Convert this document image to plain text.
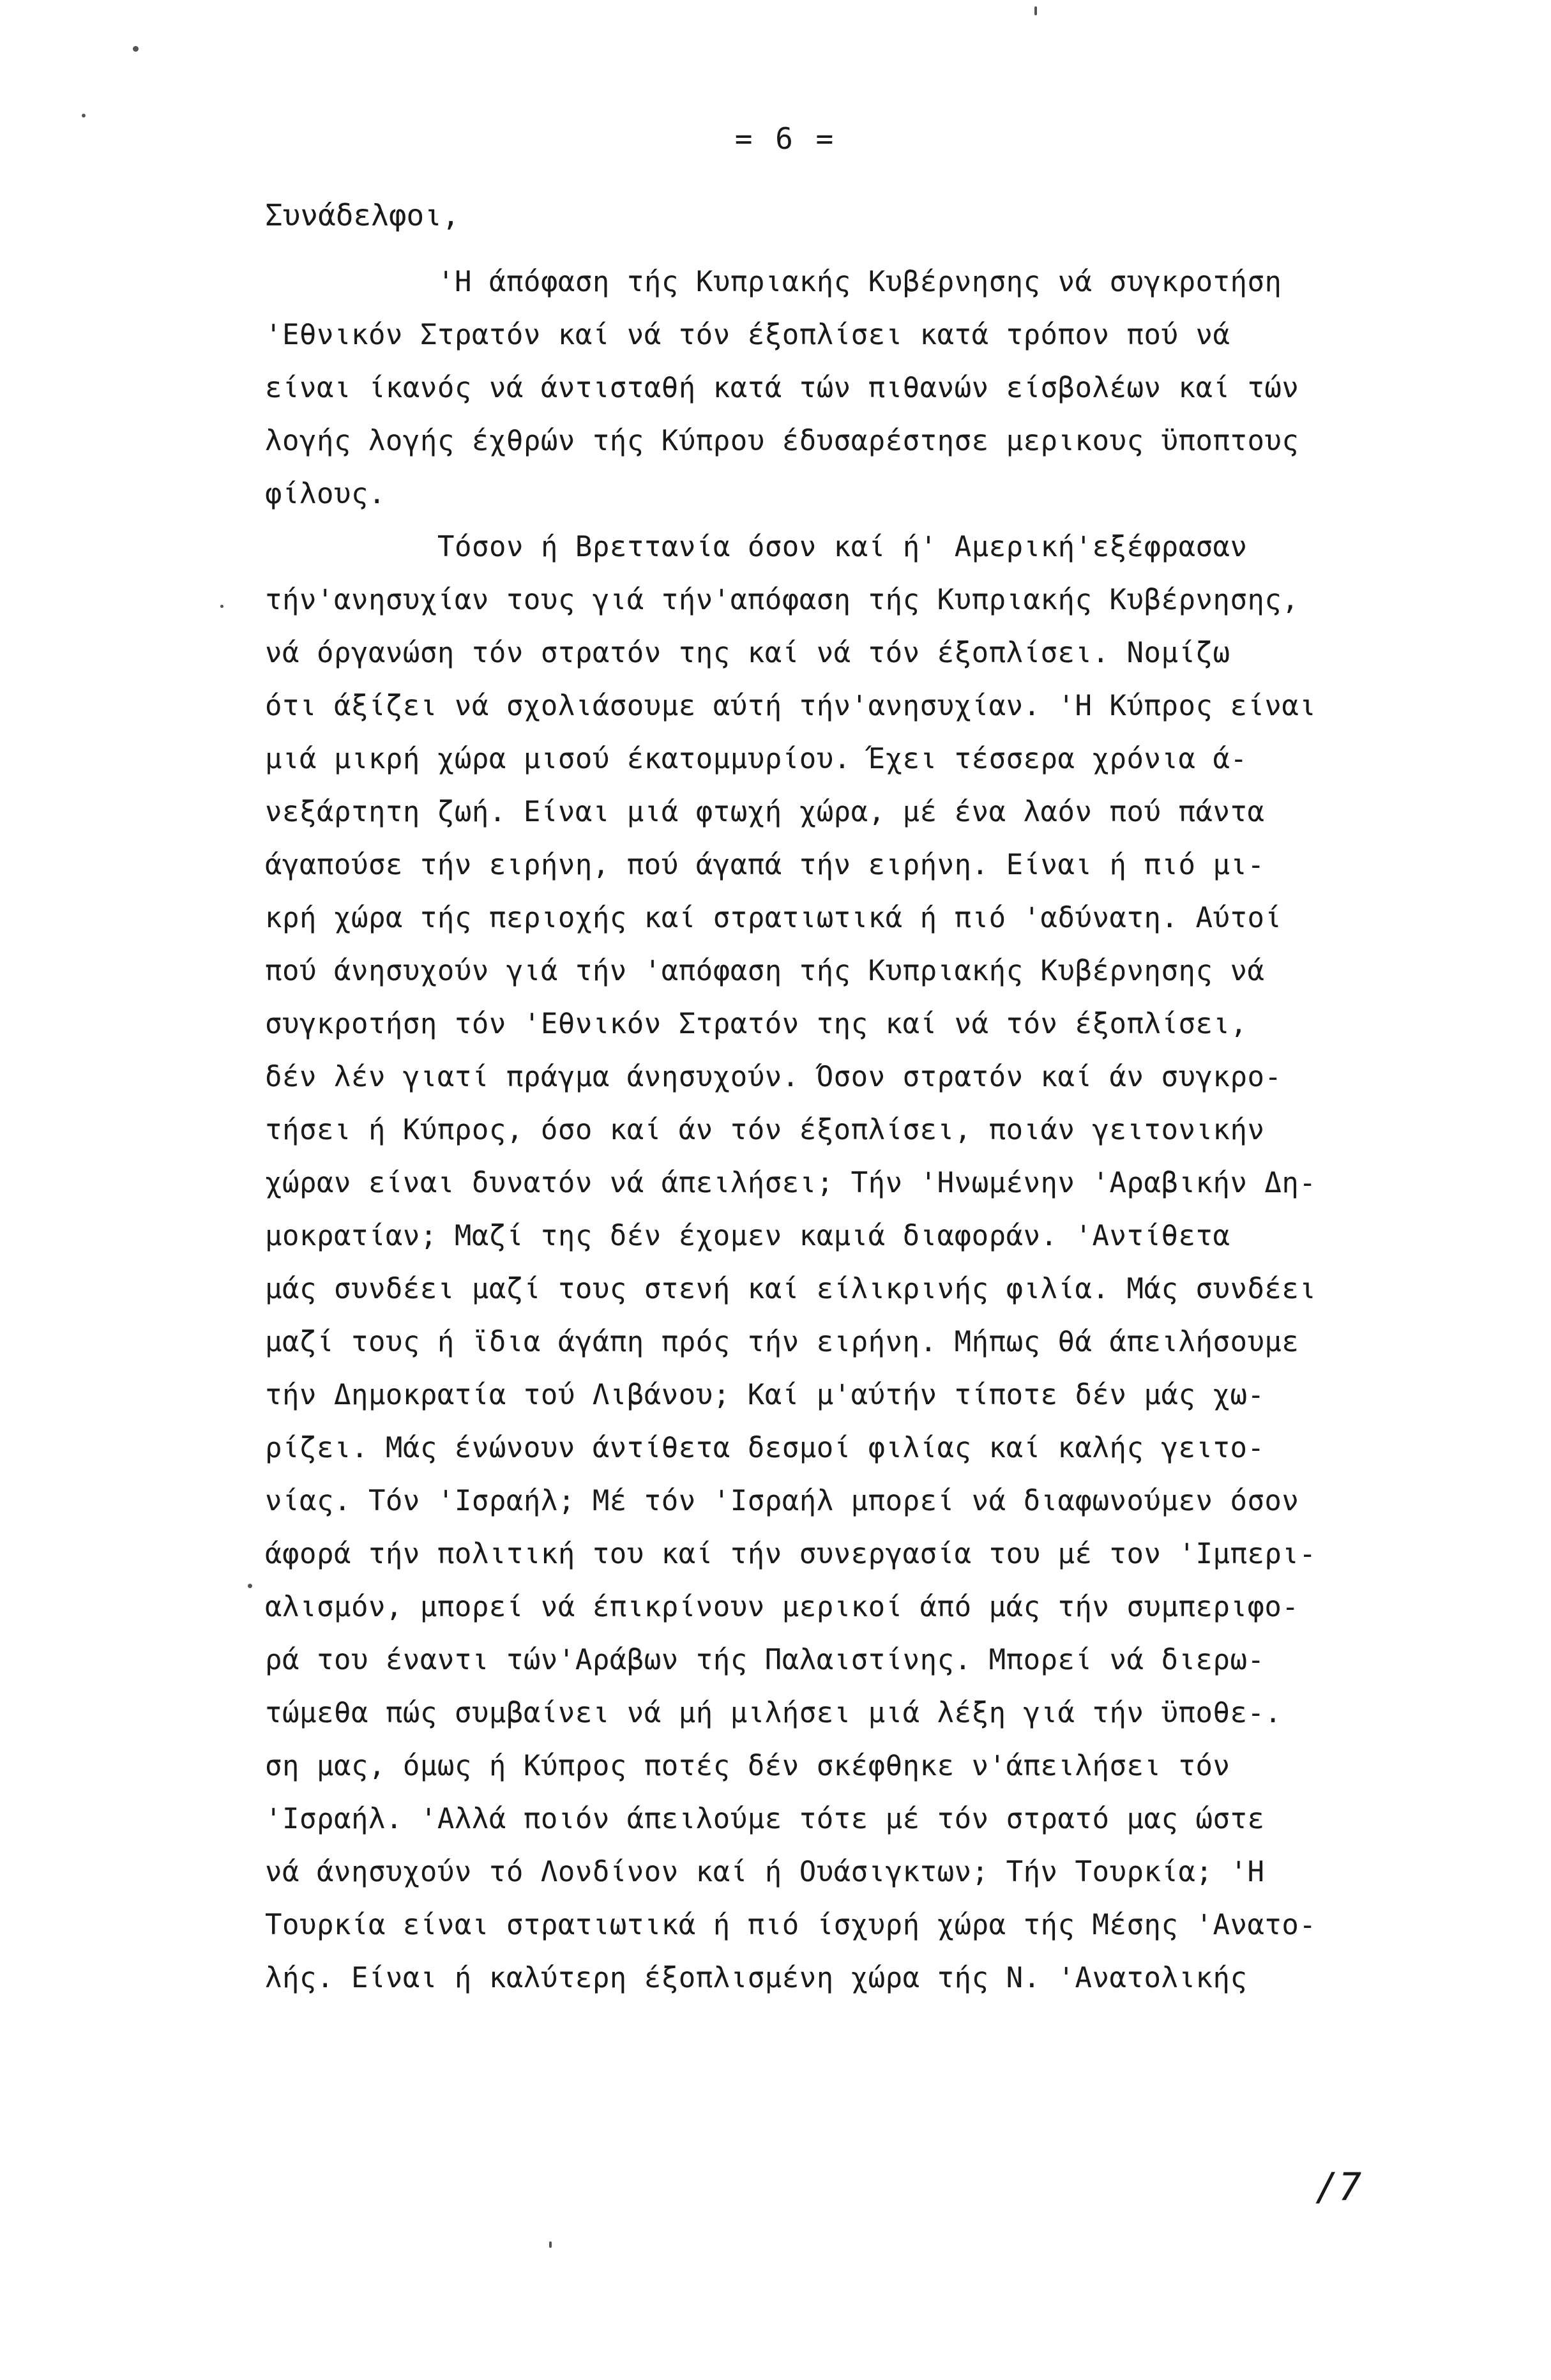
= 6 =
Συνάδελφοι,
'Η άπόφαση τής Κυπριακής Κυβέρνησης νά συγκροτήση
'Εθνικόν Στρατόν καί νά τόν έξοπλίσει κατά τρόπον πού νά
είναι ίκανός νά άντισταθή κατά τών πιθανών είσβολέων καί τών
λογής λογής έχθρών τής Κύπρου έδυσαρέστησε μερικους ϋποπτους
φίλους.
Τόσον ή Βρεττανία όσον καί ή' Αμερική'εξέφρασαν
τήν'ανησυχίαν τους γιά τήν'απόφαση τής Κυπριακής Κυβέρνησης,
νά όργανώση τόν στρατόν της καί νά τόν έξοπλίσει. Νομίζω
ότι άξίζει νά σχολιάσουμε αύτή τήν'ανησυχίαν. 'Η Κύπρος είναι
μιά μικρή χώρα μισού έκατομμυρίου. Έχει τέσσερα χρόνια ά-
νεξάρτητη ζωή. Είναι μιά φτωχή χώρα, μέ ένα λαόν πού πάντα
άγαπούσε τήν ειρήνη, πού άγαπά τήν ειρήνη. Είναι ή πιό μι-
κρή χώρα τής περιοχής καί στρατιωτικά ή πιό 'αδύνατη. Αύτοί
πού άνησυχούν γιά τήν 'απόφαση τής Κυπριακής Κυβέρνησης νά
συγκροτήση τόν 'Εθνικόν Στρατόν της καί νά τόν έξοπλίσει,
δέν λέν γιατί πράγμα άνησυχούν. Όσον στρατόν καί άν συγκρο-
τήσει ή Κύπρος, όσο καί άν τόν έξοπλίσει, ποιάν γειτονικήν
χώραν είναι δυνατόν νά άπειλήσει; Τήν 'Ηνωμένην 'Αραβικήν Δη-
μοκρατίαν; Μαζί της δέν έχομεν καμιά διαφοράν. 'Αντίθετα
μάς συνδέει μαζί τους στενή καί είλικρινής φιλία. Μάς συνδέει
μαζί τους ή ϊδια άγάπη πρός τήν ειρήνη. Μήπως θά άπειλήσουμε
τήν Δημοκρατία τού Λιβάνου; Καί μ'αύτήν τίποτε δέν μάς χω-
ρίζει. Μάς ένώνουν άντίθετα δεσμοί φιλίας καί καλής γειτο-
νίας. Τόν 'Ισραήλ; Μέ τόν 'Ισραήλ μπορεί νά διαφωνούμεν όσον
άφορά τήν πολιτική του καί τήν συνεργασία του μέ τον 'Ιμπερι-
αλισμόν, μπορεί νά έπικρίνουν μερικοί άπό μάς τήν συμπεριφο-
ρά του έναντι τών'Αράβων τής Παλαιστίνης. Μπορεί νά διερω-
τώμεθα πώς συμβαίνει νά μή μιλήσει μιά λέξη γιά τήν ϋποθε-.
ση μας, όμως ή Κύπρος ποτές δέν σκέφθηκε ν'άπειλήσει τόν
'Ισραήλ. 'Αλλά ποιόν άπειλούμε τότε μέ τόν στρατό μας ώστε
νά άνησυχούν τό Λονδίνον καί ή Ουάσιγκτων; Τήν Τουρκία; 'Η
Τουρκία είναι στρατιωτικά ή πιό ίσχυρή χώρα τής Μέσης 'Ανατο-
λής. Είναι ή καλύτερη έξοπλισμένη χώρα τής Ν. 'Ανατολικής
/7
